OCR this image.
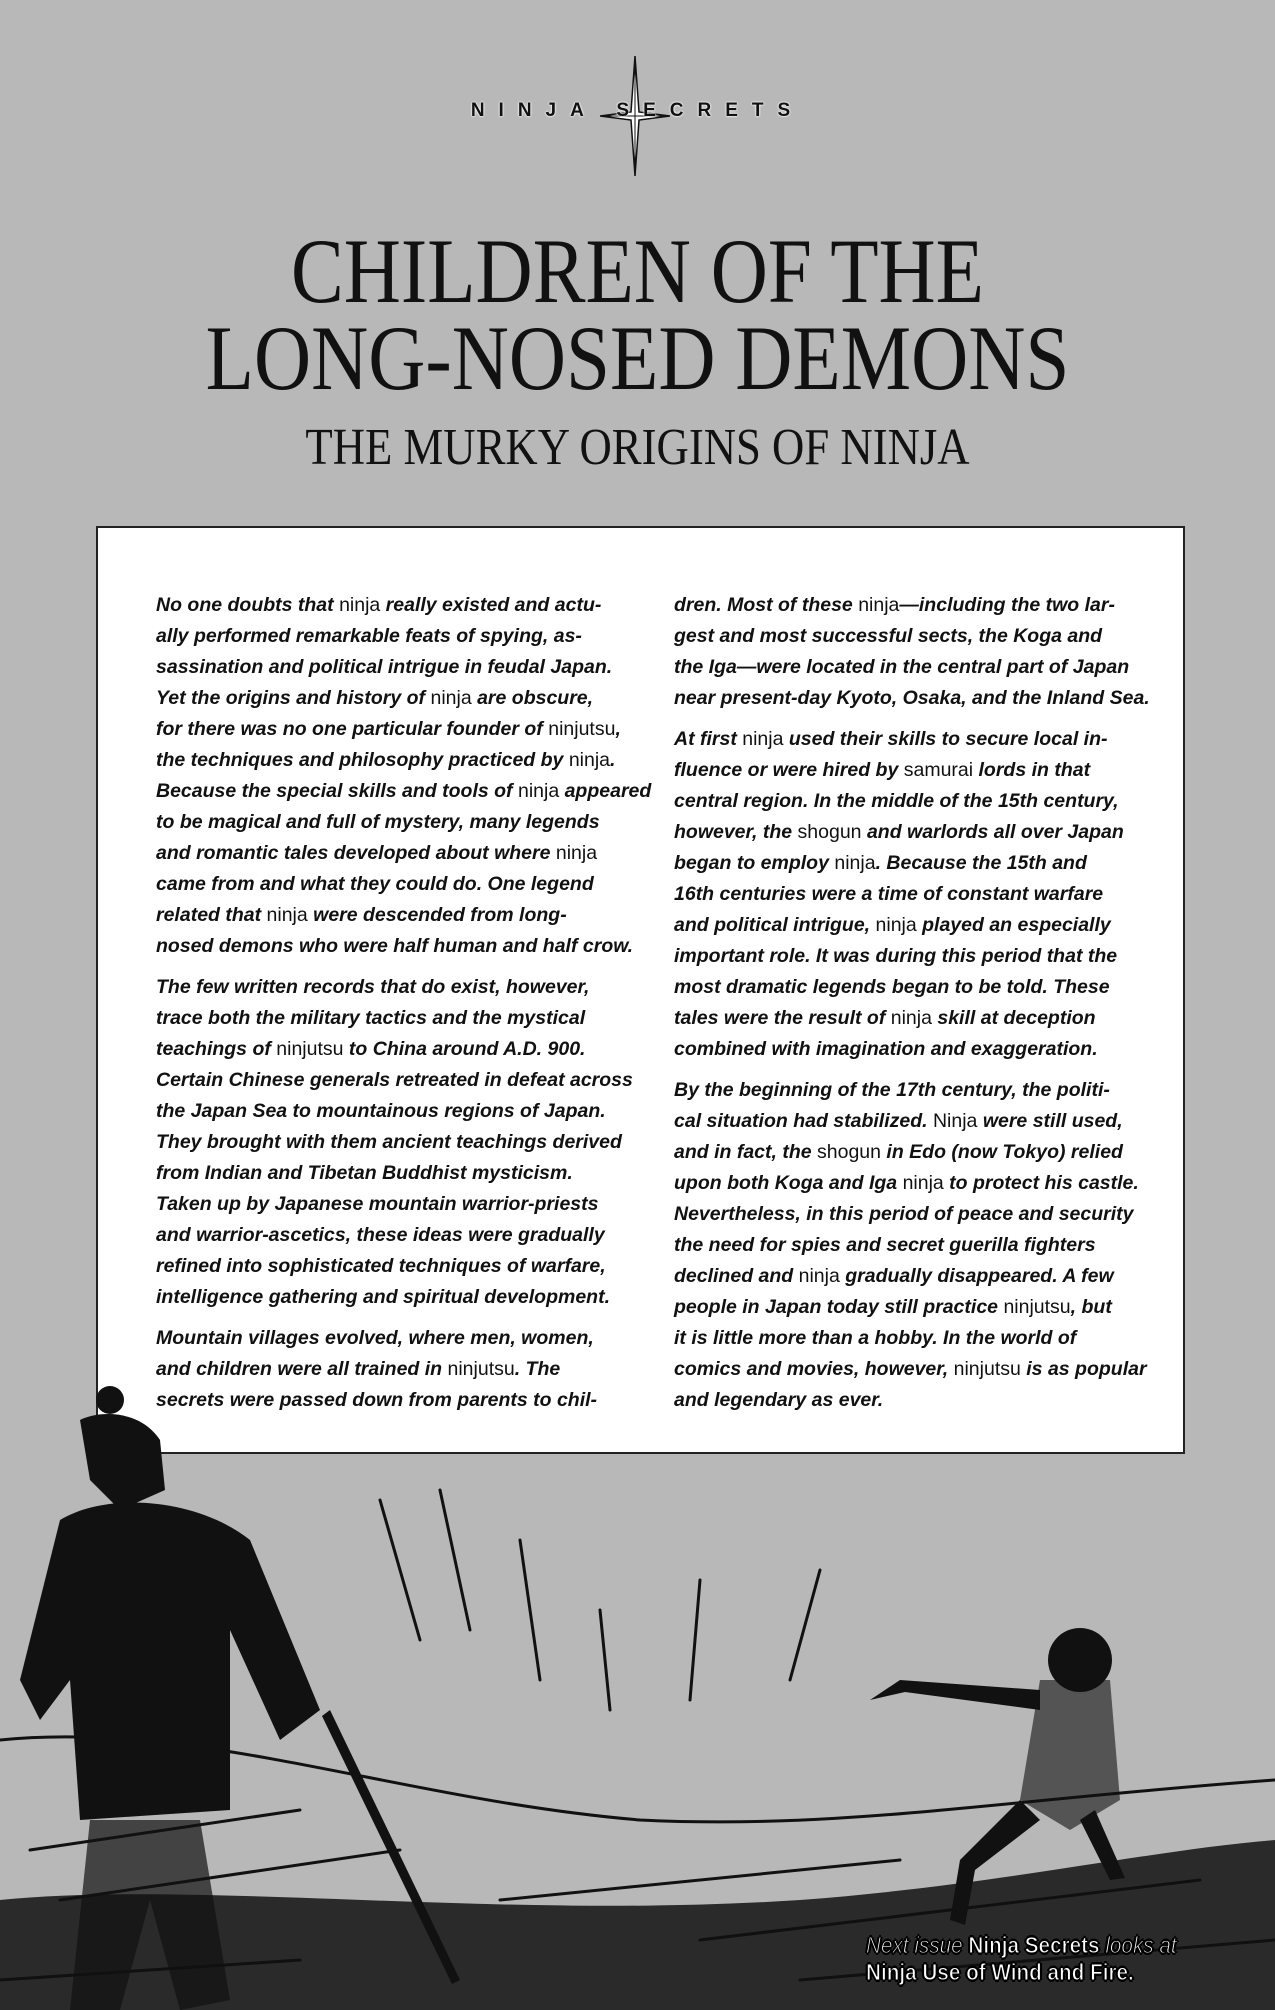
NINJA SECRETS
CHILDREN OF THE
LONG-NOSED DEMONS
THE MURKY ORIGINS OF NINJA
No one doubts that ninja really existed and actu-
ally performed remarkable feats of spying, as-
sassination and political intrigue in feudal Japan.
Yet the origins and history of ninja are obscure,
for there was no one particular founder of ninjutsu,
the techniques and philosophy practiced by ninja.
Because the special skills and tools of ninja appeared
to be magical and full of mystery, many legends
and romantic tales developed about where ninja
came from and what they could do. One legend
related that ninja were descended from long-
nosed demons who were half human and half crow.
The few written records that do exist, however,
trace both the military tactics and the mystical
teachings of ninjutsu to China around A.D. 900.
Certain Chinese generals retreated in defeat across
the Japan Sea to mountainous regions of Japan.
They brought with them ancient teachings derived
from Indian and Tibetan Buddhist mysticism.
Taken up by Japanese mountain warrior-priests
and warrior-ascetics, these ideas were gradually
refined into sophisticated techniques of warfare,
intelligence gathering and spiritual development.
Mountain villages evolved, where men, women,
and children were all trained in ninjutsu. The
secrets were passed down from parents to chil-
dren. Most of these ninja—including the two lar-
gest and most successful sects, the Koga and
the Iga—were located in the central part of Japan
near present-day Kyoto, Osaka, and the Inland Sea.
At first ninja used their skills to secure local in-
fluence or were hired by samurai lords in that
central region. In the middle of the 15th century,
however, the shogun and warlords all over Japan
began to employ ninja. Because the 15th and
16th centuries were a time of constant warfare
and political intrigue, ninja played an especially
important role. It was during this period that the
most dramatic legends began to be told. These
tales were the result of ninja skill at deception
combined with imagination and exaggeration.
By the beginning of the 17th century, the politi-
cal situation had stabilized. Ninja were still used,
and in fact, the shogun in Edo (now Tokyo) relied
upon both Koga and Iga ninja to protect his castle.
Nevertheless, in this period of peace and security
the need for spies and secret guerilla fighters
declined and ninja gradually disappeared. A few
people in Japan today still practice ninjutsu, but
it is little more than a hobby. In the world of
comics and movies, however, ninjutsu is as popular
and legendary as ever.
Next issue Ninja Secrets looks at
Ninja Use of Wind and Fire.
